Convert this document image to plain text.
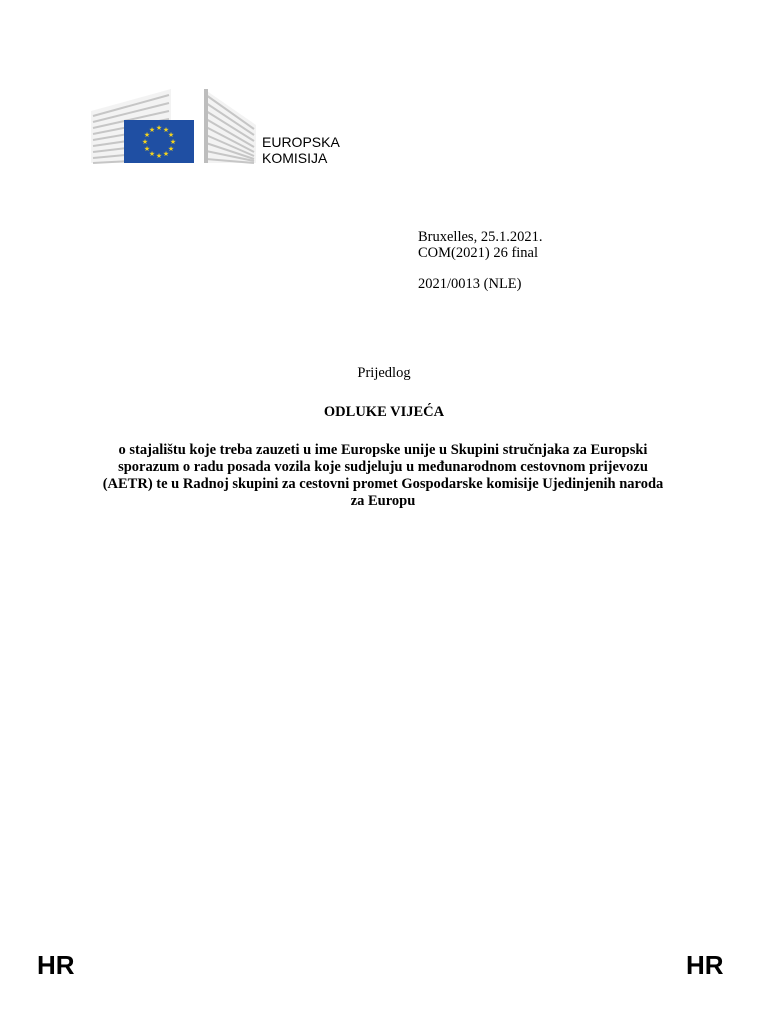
★ ★
★
★
★
★
★
★
★
★
★
★
EUROPSKA
KOMISIJA
Bruxelles, 25.1.2021.
COM(2021) 26 final
2021/0013 (NLE)
Prijedlog
ODLUKE VIJEĆA
o stajalištu koje treba zauzeti u ime Europske unije u Skupini stručnjaka za Europski sporazum o radu posada vozila koje sudjeluju u međunarodnom cestovnom prijevozu (AETR) te u Radnoj skupini za cestovni promet Gospodarske komisije Ujedinjenih naroda za Europu
HR	HR
